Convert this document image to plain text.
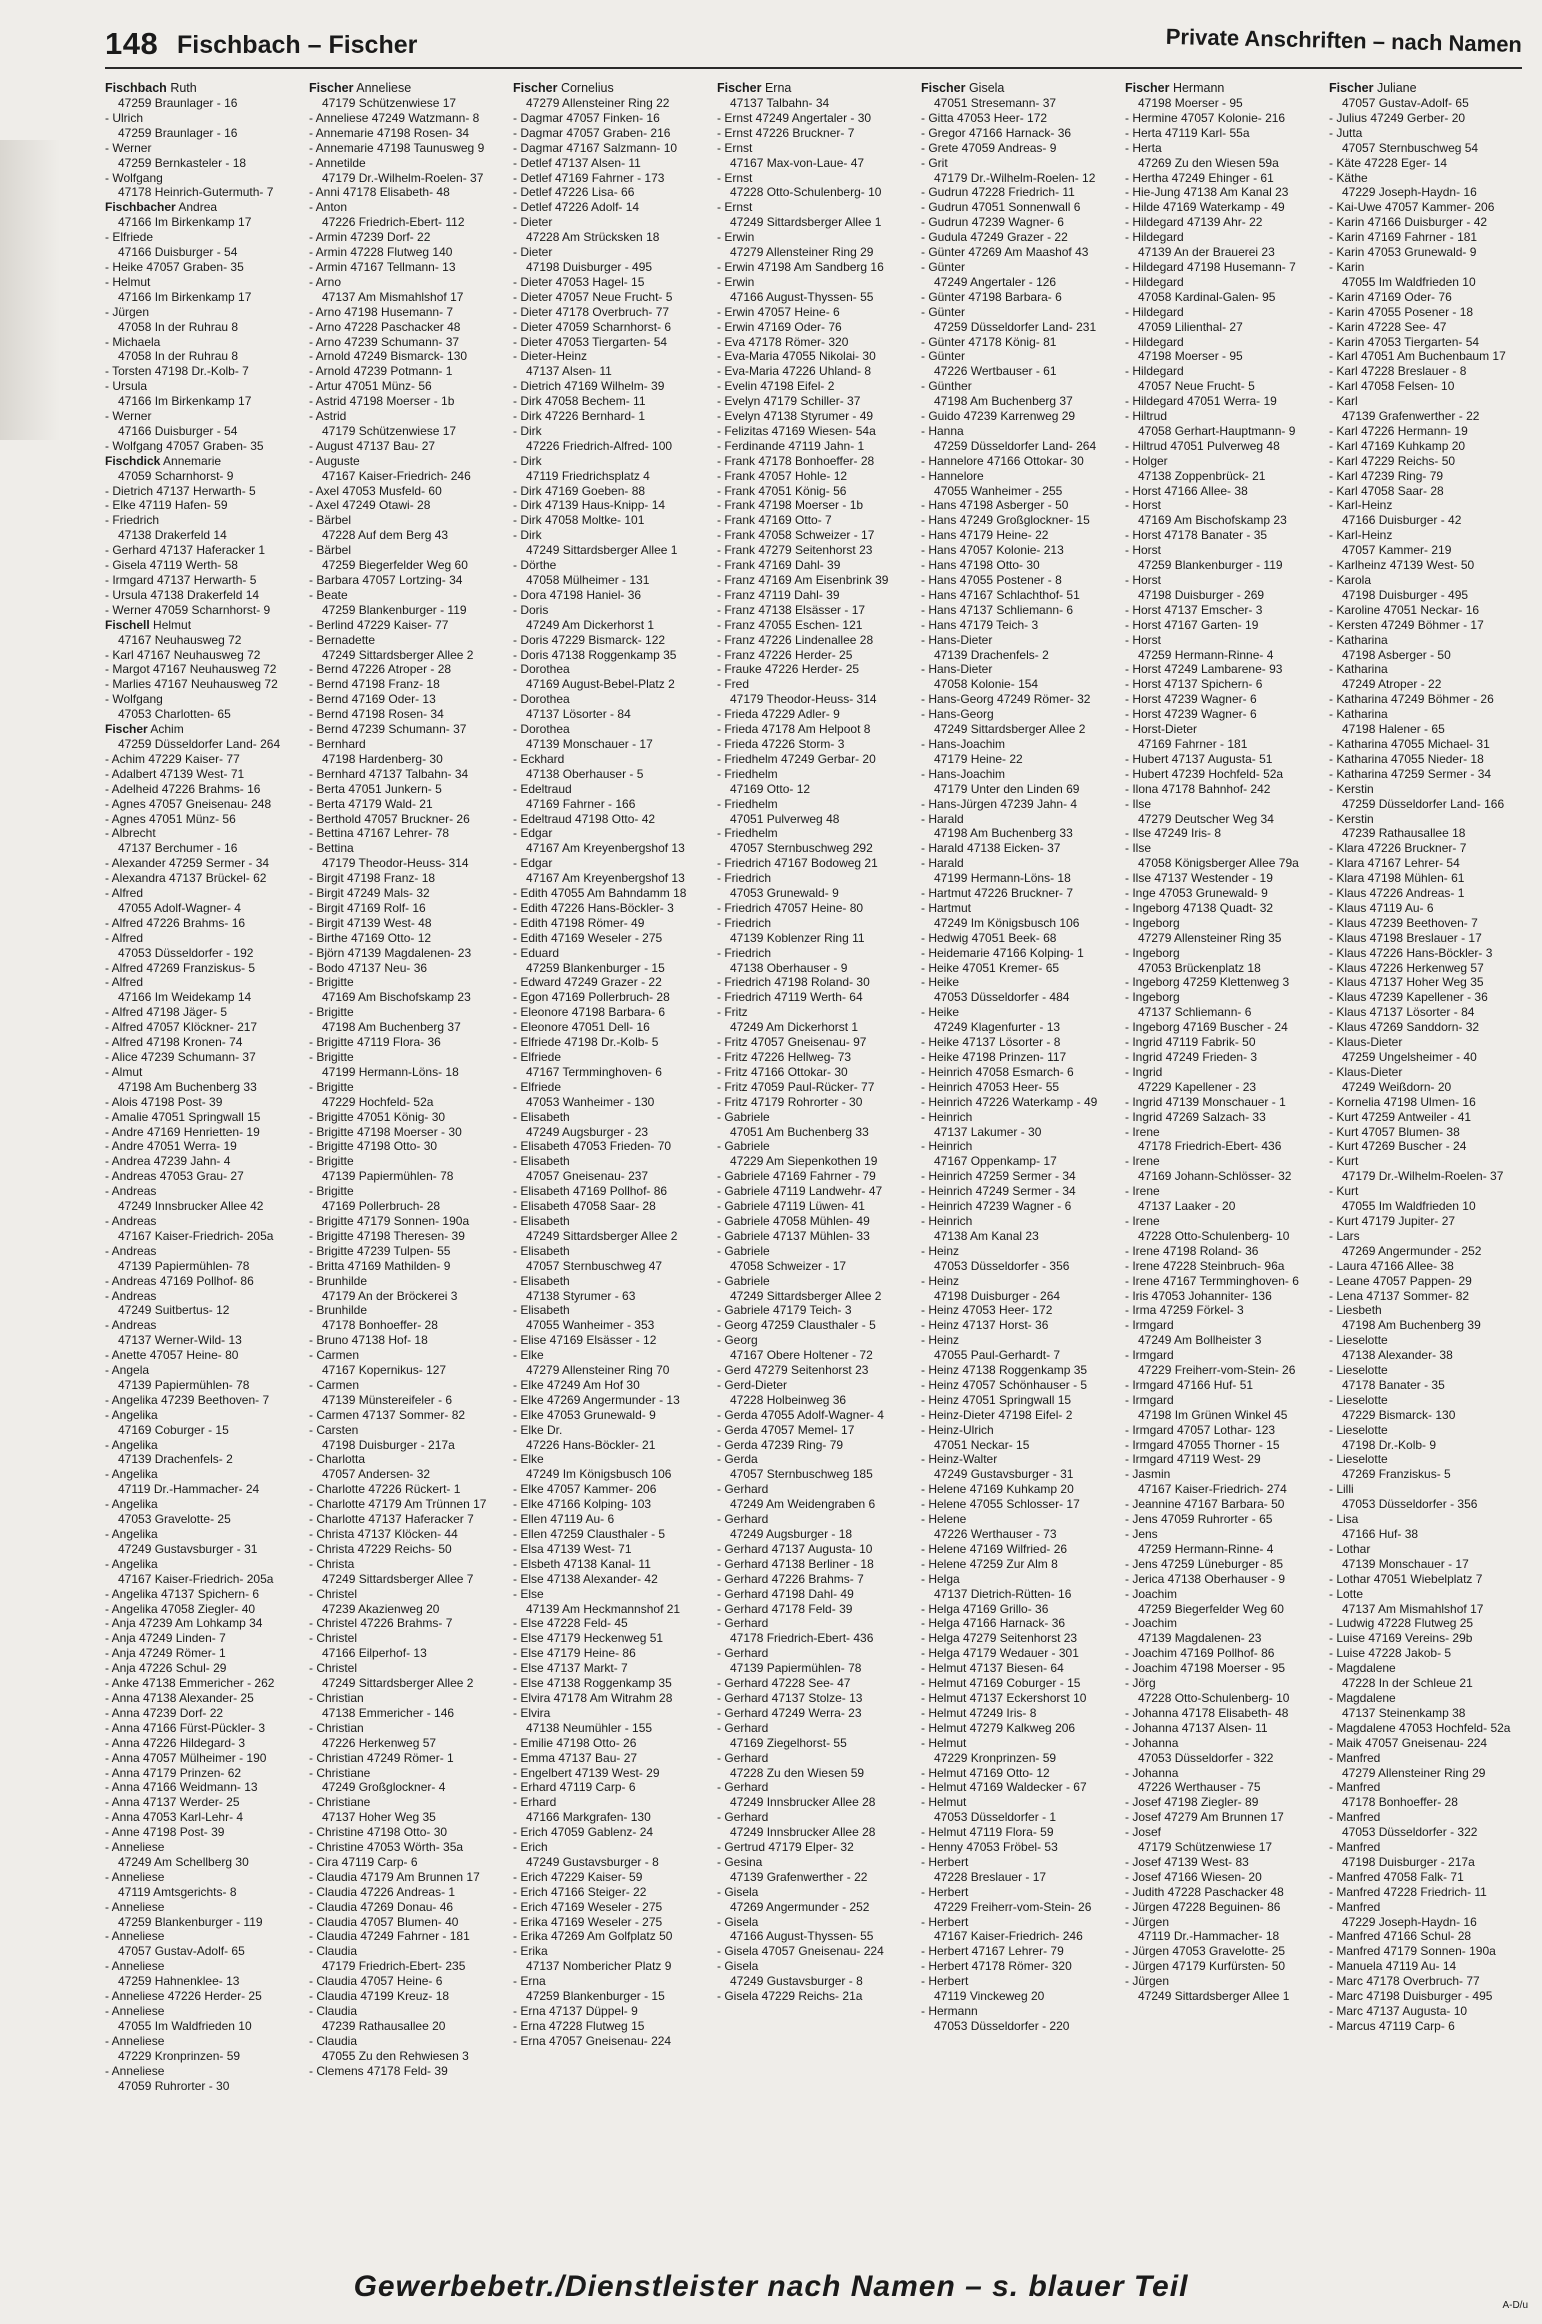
148 Fischbach – Fischer	Private Anschriften – nach Namen
Fischbach Ruth
47259 Braunlager - 16
- Ulrich
47259 Braunlager - 16
- Werner
47259 Bernkasteler - 18
- Wolfgang
47178 Heinrich-Gutermuth- 7
Fischbacher Andrea
47166 Im Birkenkamp 17
- Elfriede
47166 Duisburger - 54
- Heike 47057 Graben- 35
- Helmut
47166 Im Birkenkamp 17
- Jürgen
47058 In der Ruhrau 8
- Michaela
47058 In der Ruhrau 8
- Torsten 47198 Dr.-Kolb- 7
- Ursula
47166 Im Birkenkamp 17
- Werner
47166 Duisburger - 54
- Wolfgang 47057 Graben- 35
Fischdick Annemarie
47059 Scharnhorst- 9
- Dietrich 47137 Herwarth- 5
- Elke 47119 Hafen- 59
- Friedrich
47138 Drakerfeld 14
- Gerhard 47137 Haferacker 1
- Gisela 47119 Werth- 58
- Irmgard 47137 Herwarth- 5
- Ursula 47138 Drakerfeld 14
- Werner 47059 Scharnhorst- 9
Fischell Helmut
47167 Neuhausweg 72
- Karl 47167 Neuhausweg 72
- Margot 47167 Neuhausweg 72
- Marlies 47167 Neuhausweg 72
- Wolfgang
47053 Charlotten- 65
Fischer Achim
47259 Düsseldorfer Land- 264
- Achim 47229 Kaiser- 77
- Adalbert 47139 West- 71
- Adelheid 47226 Brahms- 16
- Agnes 47057 Gneisenau- 248
- Agnes 47051 Münz- 56
- Albrecht
47137 Berchumer - 16
- Alexander 47259 Sermer - 34
- Alexandra 47137 Brückel- 62
- Alfred
47055 Adolf-Wagner- 4
- Alfred 47226 Brahms- 16
- Alfred
47053 Düsseldorfer - 192
- Alfred 47269 Franziskus- 5
- Alfred
47166 Im Weidekamp 14
- Alfred 47198 Jäger- 5
- Alfred 47057 Klöckner- 217
- Alfred 47198 Kronen- 74
- Alice 47239 Schumann- 37
- Almut
47198 Am Buchenberg 33
- Alois 47198 Post- 39
- Amalie 47051 Springwall 15
- Andre 47169 Henrietten- 19
- Andre 47051 Werra- 19
- Andrea 47239 Jahn- 4
- Andreas 47053 Grau- 27
- Andreas
47249 Innsbrucker Allee 42
- Andreas
47167 Kaiser-Friedrich- 205a
- Andreas
47139 Papiermühlen- 78
- Andreas 47169 Pollhof- 86
- Andreas
47249 Suitbertus- 12
- Andreas
47137 Werner-Wild- 13
- Anette 47057 Heine- 80
- Angela
47139 Papiermühlen- 78
- Angelika 47239 Beethoven- 7
- Angelika
47169 Coburger - 15
- Angelika
47139 Drachenfels- 2
- Angelika
47119 Dr.-Hammacher- 24
- Angelika
47053 Gravelotte- 25
- Angelika
47249 Gustavsburger - 31
- Angelika
47167 Kaiser-Friedrich- 205a
- Angelika 47137 Spichern- 6
- Angelika 47058 Ziegler- 40
- Anja 47239 Am Lohkamp 34
- Anja 47249 Linden- 7
- Anja 47249 Römer- 1
- Anja 47226 Schul- 29
- Anke 47138 Emmericher - 262
- Anna 47138 Alexander- 25
- Anna 47239 Dorf- 22
- Anna 47166 Fürst-Pückler- 3
- Anna 47226 Hildegard- 3
- Anna 47057 Mülheimer - 190
- Anna 47179 Prinzen- 62
- Anna 47166 Weidmann- 13
- Anna 47137 Werder- 25
- Anna 47053 Karl-Lehr- 4
- Anne 47198 Post- 39
- Anneliese
47249 Am Schellberg 30
- Anneliese
47119 Amtsgerichts- 8
- Anneliese
47259 Blankenburger - 119
- Anneliese
47057 Gustav-Adolf- 65
- Anneliese
47259 Hahnenklee- 13
- Anneliese 47226 Herder- 25
- Anneliese
47055 Im Waldfrieden 10
- Anneliese
47229 Kronprinzen- 59
- Anneliese
47059 Ruhrorter - 30
Fischer Anneliese
47179 Schützenwiese 17
- Anneliese 47249 Watzmann- 8
- Annemarie 47198 Rosen- 34
- Annemarie 47198 Taunusweg 9
- Annetilde
47179 Dr.-Wilhelm-Roelen- 37
- Anni 47178 Elisabeth- 48
- Anton
47226 Friedrich-Ebert- 112
- Armin 47239 Dorf- 22
- Armin 47228 Flutweg 140
- Armin 47167 Tellmann- 13
- Arno
47137 Am Mismahlshof 17
- Arno 47198 Husemann- 7
- Arno 47228 Paschacker 48
- Arno 47239 Schumann- 37
- Arnold 47249 Bismarck- 130
- Arnold 47239 Potmann- 1
- Artur 47051 Münz- 56
- Astrid 47198 Moerser - 1b
- Astrid
47179 Schützenwiese 17
- August 47137 Bau- 27
- Auguste
47167 Kaiser-Friedrich- 246
- Axel 47053 Musfeld- 60
- Axel 47249 Otawi- 28
- Bärbel
47228 Auf dem Berg 43
- Bärbel
47259 Biegerfelder Weg 60
- Barbara 47057 Lortzing- 34
- Beate
47259 Blankenburger - 119
- Berlind 47229 Kaiser- 77
- Bernadette
47249 Sittardsberger Allee 2
- Bernd 47226 Atroper - 28
- Bernd 47198 Franz- 18
- Bernd 47169 Oder- 13
- Bernd 47198 Rosen- 34
- Bernd 47239 Schumann- 37
- Bernhard
47198 Hardenberg- 30
- Bernhard 47137 Talbahn- 34
- Berta 47051 Junkern- 5
- Berta 47179 Wald- 21
- Berthold 47057 Bruckner- 26
- Bettina 47167 Lehrer- 78
- Bettina
47179 Theodor-Heuss- 314
- Birgit 47198 Franz- 18
- Birgit 47249 Mals- 32
- Birgit 47169 Rolf- 16
- Birgit 47139 West- 48
- Birthe 47169 Otto- 12
- Björn 47139 Magdalenen- 23
- Bodo 47137 Neu- 36
- Brigitte
47169 Am Bischofskamp 23
- Brigitte
47198 Am Buchenberg 37
- Brigitte 47119 Flora- 36
- Brigitte
47199 Hermann-Löns- 18
- Brigitte
47229 Hochfeld- 52a
- Brigitte 47051 König- 30
- Brigitte 47198 Moerser - 30
- Brigitte 47198 Otto- 30
- Brigitte
47139 Papiermühlen- 78
- Brigitte
47169 Pollerbruch- 28
- Brigitte 47179 Sonnen- 190a
- Brigitte 47198 Theresen- 39
- Brigitte 47239 Tulpen- 55
- Britta 47169 Mathilden- 9
- Brunhilde
47179 An der Bröckerei 3
- Brunhilde
47178 Bonhoeffer- 28
- Bruno 47138 Hof- 18
- Carmen
47167 Kopernikus- 127
- Carmen
47139 Münstereifeler - 6
- Carmen 47137 Sommer- 82
- Carsten
47198 Duisburger - 217a
- Charlotta
47057 Andersen- 32
- Charlotte 47226 Rückert- 1
- Charlotte 47179 Am Trünnen 17
- Charlotte 47137 Haferacker 7
- Christa 47137 Klöcken- 44
- Christa 47229 Reichs- 50
- Christa
47249 Sittardsberger Allee 7
- Christel
47239 Akazienweg 20
- Christel 47226 Brahms- 7
- Christel
47166 Eilperhof- 13
- Christel
47249 Sittardsberger Allee 2
- Christian
47138 Emmericher - 146
- Christian
47226 Herkenweg 57
- Christian 47249 Römer- 1
- Christiane
47249 Großglockner- 4
- Christiane
47137 Hoher Weg 35
- Christine 47198 Otto- 30
- Christine 47053 Wörth- 35a
- Cira 47119 Carp- 6
- Claudia 47179 Am Brunnen 17
- Claudia 47226 Andreas- 1
- Claudia 47269 Donau- 46
- Claudia 47057 Blumen- 40
- Claudia 47249 Fahrner - 181
- Claudia
47179 Friedrich-Ebert- 235
- Claudia 47057 Heine- 6
- Claudia 47199 Kreuz- 18
- Claudia
47239 Rathausallee 20
- Claudia
47055 Zu den Rehwiesen 3
- Clemens 47178 Feld- 39
Fischer Cornelius
47279 Allensteiner Ring 22
- Dagmar 47057 Finken- 16
- Dagmar 47057 Graben- 216
- Dagmar 47167 Salzmann- 10
- Detlef 47137 Alsen- 11
- Detlef 47169 Fahrner - 173
- Detlef 47226 Lisa- 66
- Detlef 47226 Adolf- 14
- Dieter
47228 Am Strücksken 18
- Dieter
47198 Duisburger - 495
- Dieter 47053 Hagel- 15
- Dieter 47057 Neue Frucht- 5
- Dieter 47178 Overbruch- 77
- Dieter 47059 Scharnhorst- 6
- Dieter 47053 Tiergarten- 54
- Dieter-Heinz
47137 Alsen- 11
- Dietrich 47169 Wilhelm- 39
- Dirk 47058 Bechem- 11
- Dirk 47226 Bernhard- 1
- Dirk
47226 Friedrich-Alfred- 100
- Dirk
47119 Friedrichsplatz 4
- Dirk 47169 Goeben- 88
- Dirk 47139 Haus-Knipp- 14
- Dirk 47058 Moltke- 101
- Dirk
47249 Sittardsberger Allee 1
- Dörthe
47058 Mülheimer - 131
- Dora 47198 Haniel- 36
- Doris
47249 Am Dickerhorst 1
- Doris 47229 Bismarck- 122
- Doris 47138 Roggenkamp 35
- Dorothea
47169 August-Bebel-Platz 2
- Dorothea
47137 Lösorter - 84
- Dorothea
47139 Monschauer - 17
- Eckhard
47138 Oberhauser - 5
- Edeltraud
47169 Fahrner - 166
- Edeltraud 47198 Otto- 42
- Edgar
47167 Am Kreyenbergshof 13
- Edgar
47167 Am Kreyenbergshof 13
- Edith 47055 Am Bahndamm 18
- Edith 47226 Hans-Böckler- 3
- Edith 47198 Römer- 49
- Edith 47169 Weseler - 275
- Eduard
47259 Blankenburger - 15
- Edward 47249 Grazer - 22
- Egon 47169 Pollerbruch- 28
- Eleonore 47198 Barbara- 6
- Eleonore 47051 Dell- 16
- Elfriede 47198 Dr.-Kolb- 5
- Elfriede
47167 Termminghoven- 6
- Elfriede
47053 Wanheimer - 130
- Elisabeth
47249 Augsburger - 23
- Elisabeth 47053 Frieden- 70
- Elisabeth
47057 Gneisenau- 237
- Elisabeth 47169 Pollhof- 86
- Elisabeth 47058 Saar- 28
- Elisabeth
47249 Sittardsberger Allee 2
- Elisabeth
47057 Sternbuschweg 47
- Elisabeth
47138 Styrumer - 63
- Elisabeth
47055 Wanheimer - 353
- Elise 47169 Elsässer - 12
- Elke
47279 Allensteiner Ring 70
- Elke 47249 Am Hof 30
- Elke 47269 Angermunder - 13
- Elke 47053 Grunewald- 9
- Elke Dr.
47226 Hans-Böckler- 21
- Elke
47249 Im Königsbusch 106
- Elke 47057 Kammer- 206
- Elke 47166 Kolping- 103
- Ellen 47119 Au- 6
- Ellen 47259 Clausthaler - 5
- Elsa 47139 West- 71
- Elsbeth 47138 Kanal- 11
- Else 47138 Alexander- 42
- Else
47139 Am Heckmannshof 21
- Else 47228 Feld- 45
- Else 47179 Heckenweg 51
- Else 47179 Heine- 86
- Else 47137 Markt- 7
- Else 47138 Roggenkamp 35
- Elvira 47178 Am Witrahm 28
- Elvira
47138 Neumühler - 155
- Emilie 47198 Otto- 26
- Emma 47137 Bau- 27
- Engelbert 47139 West- 29
- Erhard 47119 Carp- 6
- Erhard
47166 Markgrafen- 130
- Erich 47059 Gablenz- 24
- Erich
47249 Gustavsburger - 8
- Erich 47229 Kaiser- 59
- Erich 47166 Steiger- 22
- Erich 47169 Weseler - 275
- Erika 47169 Weseler - 275
- Erika 47269 Am Golfplatz 50
- Erika
47137 Nombericher Platz 9
- Erna
47259 Blankenburger - 15
- Erna 47137 Düppel- 9
- Erna 47228 Flutweg 15
- Erna 47057 Gneisenau- 224
Fischer Erna
47137 Talbahn- 34
- Ernst 47249 Angertaler - 30
- Ernst 47226 Bruckner- 7
- Ernst
47167 Max-von-Laue- 47
- Ernst
47228 Otto-Schulenberg- 10
- Ernst
47249 Sittardsberger Allee 1
- Erwin
47279 Allensteiner Ring 29
- Erwin 47198 Am Sandberg 16
- Erwin
47166 August-Thyssen- 55
- Erwin 47057 Heine- 6
- Erwin 47169 Oder- 76
- Eva 47178 Römer- 320
- Eva-Maria 47055 Nikolai- 30
- Eva-Maria 47226 Uhland- 8
- Evelin 47198 Eifel- 2
- Evelyn 47179 Schiller- 37
- Evelyn 47138 Styrumer - 49
- Felizitas 47169 Wiesen- 54a
- Ferdinande 47119 Jahn- 1
- Frank 47178 Bonhoeffer- 28
- Frank 47057 Hohle- 12
- Frank 47051 König- 56
- Frank 47198 Moerser - 1b
- Frank 47169 Otto- 7
- Frank 47058 Schweizer - 17
- Frank 47279 Seitenhorst 23
- Frank 47169 Dahl- 39
- Franz 47169 Am Eisenbrink 39
- Franz 47119 Dahl- 39
- Franz 47138 Elsässer - 17
- Franz 47055 Eschen- 121
- Franz 47226 Lindenallee 28
- Franz 47226 Herder- 25
- Frauke 47226 Herder- 25
- Fred
47179 Theodor-Heuss- 314
- Frieda 47229 Adler- 9
- Frieda 47178 Am Helpoot 8
- Frieda 47226 Storm- 3
- Friedhelm 47249 Gerbar- 20
- Friedhelm
47169 Otto- 12
- Friedhelm
47051 Pulverweg 48
- Friedhelm
47057 Sternbuschweg 292
- Friedrich 47167 Bodoweg 21
- Friedrich
47053 Grunewald- 9
- Friedrich 47057 Heine- 80
- Friedrich
47139 Koblenzer Ring 11
- Friedrich
47138 Oberhauser - 9
- Friedrich 47198 Roland- 30
- Friedrich 47119 Werth- 64
- Fritz
47249 Am Dickerhorst 1
- Fritz 47057 Gneisenau- 97
- Fritz 47226 Hellweg- 73
- Fritz 47166 Ottokar- 30
- Fritz 47059 Paul-Rücker- 77
- Fritz 47179 Rohrorter - 30
- Gabriele
47051 Am Buchenberg 33
- Gabriele
47229 Am Siepenkothen 19
- Gabriele 47169 Fahrner - 79
- Gabriele 47119 Landwehr- 47
- Gabriele 47119 Lüwen- 41
- Gabriele 47058 Mühlen- 49
- Gabriele 47137 Mühlen- 33
- Gabriele
47058 Schweizer - 17
- Gabriele
47249 Sittardsberger Allee 2
- Gabriele 47179 Teich- 3
- Georg 47259 Clausthaler - 5
- Georg
47167 Obere Holtener - 72
- Gerd 47279 Seitenhorst 23
- Gerd-Dieter
47228 Holbeinweg 36
- Gerda 47055 Adolf-Wagner- 4
- Gerda 47057 Memel- 17
- Gerda 47239 Ring- 79
- Gerda
47057 Sternbuschweg 185
- Gerhard
47249 Am Weidengraben 6
- Gerhard
47249 Augsburger - 18
- Gerhard 47137 Augusta- 10
- Gerhard 47138 Berliner - 18
- Gerhard 47226 Brahms- 7
- Gerhard 47198 Dahl- 49
- Gerhard 47178 Feld- 39
- Gerhard
47178 Friedrich-Ebert- 436
- Gerhard
47139 Papiermühlen- 78
- Gerhard 47228 See- 47
- Gerhard 47137 Stolze- 13
- Gerhard 47249 Werra- 23
- Gerhard
47169 Ziegelhorst- 55
- Gerhard
47228 Zu den Wiesen 59
- Gerhard
47249 Innsbrucker Allee 28
- Gerhard
47249 Innsbrucker Allee 28
- Gertrud 47179 Elper- 32
- Gesina
47139 Grafenwerther - 22
- Gisela
47269 Angermunder - 252
- Gisela
47166 August-Thyssen- 55
- Gisela 47057 Gneisenau- 224
- Gisela
47249 Gustavsburger - 8
- Gisela 47229 Reichs- 21a
Fischer Gisela
47051 Stresemann- 37
- Gitta 47053 Heer- 172
- Gregor 47166 Harnack- 36
- Grete 47059 Andreas- 9
- Grit
47179 Dr.-Wilhelm-Roelen- 12
- Gudrun 47228 Friedrich- 11
- Gudrun 47051 Sonnenwall 6
- Gudrun 47239 Wagner- 6
- Gudula 47249 Grazer - 22
- Günter 47269 Am Maashof 43
- Günter
47249 Angertaler - 126
- Günter 47198 Barbara- 6
- Günter
47259 Düsseldorfer Land- 231
- Günter 47178 König- 81
- Günter
47226 Wertbauser - 61
- Günther
47198 Am Buchenberg 37
- Guido 47239 Karrenweg 29
- Hanna
47259 Düsseldorfer Land- 264
- Hannelore 47166 Ottokar- 30
- Hannelore
47055 Wanheimer - 255
- Hans 47198 Asberger - 50
- Hans 47249 Großglockner- 15
- Hans 47179 Heine- 22
- Hans 47057 Kolonie- 213
- Hans 47198 Otto- 30
- Hans 47055 Postener - 8
- Hans 47167 Schlachthof- 51
- Hans 47137 Schliemann- 6
- Hans 47179 Teich- 3
- Hans-Dieter
47139 Drachenfels- 2
- Hans-Dieter
47058 Kolonie- 154
- Hans-Georg 47249 Römer- 32
- Hans-Georg
47249 Sittardsberger Allee 2
- Hans-Joachim
47179 Heine- 22
- Hans-Joachim
47179 Unter den Linden 69
- Hans-Jürgen 47239 Jahn- 4
- Harald
47198 Am Buchenberg 33
- Harald 47138 Eicken- 37
- Harald
47199 Hermann-Löns- 18
- Hartmut 47226 Bruckner- 7
- Hartmut
47249 Im Königsbusch 106
- Hedwig 47051 Beek- 68
- Heidemarie 47166 Kolping- 1
- Heike 47051 Kremer- 65
- Heike
47053 Düsseldorfer - 484
- Heike
47249 Klagenfurter - 13
- Heike 47137 Lösorter - 8
- Heike 47198 Prinzen- 117
- Heinrich 47058 Esmarch- 6
- Heinrich 47053 Heer- 55
- Heinrich 47226 Waterkamp - 49
- Heinrich
47137 Lakumer - 30
- Heinrich
47167 Oppenkamp- 17
- Heinrich 47259 Sermer - 34
- Heinrich 47249 Sermer - 34
- Heinrich 47239 Wagner - 6
- Heinrich
47138 Am Kanal 23
- Heinz
47053 Düsseldorfer - 356
- Heinz
47198 Duisburger - 264
- Heinz 47053 Heer- 172
- Heinz 47137 Horst- 36
- Heinz
47055 Paul-Gerhardt- 7
- Heinz 47138 Roggenkamp 35
- Heinz 47057 Schönhauser - 5
- Heinz 47051 Springwall 15
- Heinz-Dieter 47198 Eifel- 2
- Heinz-Ulrich
47051 Neckar- 15
- Heinz-Walter
47249 Gustavsburger - 31
- Helene 47169 Kuhkamp 20
- Helene 47055 Schlosser- 17
- Helene
47226 Werthauser - 73
- Helene 47169 Wilfried- 26
- Helene 47259 Zur Alm 8
- Helga
47137 Dietrich-Rütten- 16
- Helga 47169 Grillo- 36
- Helga 47166 Harnack- 36
- Helga 47279 Seitenhorst 23
- Helga 47179 Wedauer - 301
- Helmut 47137 Biesen- 64
- Helmut 47169 Coburger - 15
- Helmut 47137 Eckershorst 10
- Helmut 47249 Iris- 8
- Helmut 47279 Kalkweg 206
- Helmut
47229 Kronprinzen- 59
- Helmut 47169 Otto- 12
- Helmut 47169 Waldecker - 67
- Helmut
47053 Düsseldorfer - 1
- Helmut 47119 Flora- 59
- Henny 47053 Fröbel- 53
- Herbert
47228 Breslauer - 17
- Herbert
47229 Freiherr-vom-Stein- 26
- Herbert
47167 Kaiser-Friedrich- 246
- Herbert 47167 Lehrer- 79
- Herbert 47178 Römer- 320
- Herbert
47119 Vinckeweg 20
- Hermann
47053 Düsseldorfer - 220
Fischer Hermann
47198 Moerser - 95
- Hermine 47057 Kolonie- 216
- Herta 47119 Karl- 55a
- Herta
47269 Zu den Wiesen 59a
- Hertha 47249 Ehinger - 61
- Hie-Jung 47138 Am Kanal 23
- Hilde 47169 Waterkamp - 49
- Hildegard 47139 Ahr- 22
- Hildegard
47139 An der Brauerei 23
- Hildegard 47198 Husemann- 7
- Hildegard
47058 Kardinal-Galen- 95
- Hildegard
47059 Lilienthal- 27
- Hildegard
47198 Moerser - 95
- Hildegard
47057 Neue Frucht- 5
- Hildegard 47051 Werra- 19
- Hiltrud
47058 Gerhart-Hauptmann- 9
- Hiltrud 47051 Pulverweg 48
- Holger
47138 Zoppenbrück- 21
- Horst 47166 Allee- 38
- Horst
47169 Am Bischofskamp 23
- Horst 47178 Banater - 35
- Horst
47259 Blankenburger - 119
- Horst
47198 Duisburger - 269
- Horst 47137 Emscher- 3
- Horst 47167 Garten- 19
- Horst
47259 Hermann-Rinne- 4
- Horst 47249 Lambarene- 93
- Horst 47137 Spichern- 6
- Horst 47239 Wagner- 6
- Horst 47239 Wagner- 6
- Horst-Dieter
47169 Fahrner - 181
- Hubert 47137 Augusta- 51
- Hubert 47239 Hochfeld- 52a
- Ilona 47178 Bahnhof- 242
- Ilse
47279 Deutscher Weg 34
- Ilse 47249 Iris- 8
- Ilse
47058 Königsberger Allee 79a
- Ilse 47137 Westender - 19
- Inge 47053 Grunewald- 9
- Ingeborg 47138 Quadt- 32
- Ingeborg
47279 Allensteiner Ring 35
- Ingeborg
47053 Brückenplatz 18
- Ingeborg 47259 Klettenweg 3
- Ingeborg
47137 Schliemann- 6
- Ingeborg 47169 Buscher - 24
- Ingrid 47119 Fabrik- 50
- Ingrid 47249 Frieden- 3
- Ingrid
47229 Kapellener - 23
- Ingrid 47139 Monschauer - 1
- Ingrid 47269 Salzach- 33
- Irene
47178 Friedrich-Ebert- 436
- Irene
47169 Johann-Schlösser- 32
- Irene
47137 Laaker - 20
- Irene
47228 Otto-Schulenberg- 10
- Irene 47198 Roland- 36
- Irene 47228 Steinbruch- 96a
- Irene 47167 Termminghoven- 6
- Iris 47053 Johanniter- 136
- Irma 47259 Förkel- 3
- Irmgard
47249 Am Bollheister 3
- Irmgard
47229 Freiherr-vom-Stein- 26
- Irmgard 47166 Huf- 51
- Irmgard
47198 Im Grünen Winkel 45
- Irmgard 47057 Lothar- 123
- Irmgard 47055 Thorner - 15
- Irmgard 47119 West- 29
- Jasmin
47167 Kaiser-Friedrich- 274
- Jeannine 47167 Barbara- 50
- Jens 47059 Ruhrorter - 65
- Jens
47259 Hermann-Rinne- 4
- Jens 47259 Lüneburger - 85
- Jerica 47138 Oberhauser - 9
- Joachim
47259 Biegerfelder Weg 60
- Joachim
47139 Magdalenen- 23
- Joachim 47169 Pollhof- 86
- Joachim 47198 Moerser - 95
- Jörg
47228 Otto-Schulenberg- 10
- Johanna 47178 Elisabeth- 48
- Johanna 47137 Alsen- 11
- Johanna
47053 Düsseldorfer - 322
- Johanna
47226 Werthauser - 75
- Josef 47198 Ziegler- 89
- Josef 47279 Am Brunnen 17
- Josef
47179 Schützenwiese 17
- Josef 47139 West- 83
- Josef 47166 Wiesen- 20
- Judith 47228 Paschacker 48
- Jürgen 47228 Beguinen- 86
- Jürgen
47119 Dr.-Hammacher- 18
- Jürgen 47053 Gravelotte- 25
- Jürgen 47179 Kurfürsten- 50
- Jürgen
47249 Sittardsberger Allee 1
Fischer Juliane
47057 Gustav-Adolf- 65
- Julius 47249 Gerber- 20
- Jutta
47057 Sternbuschweg 54
- Käte 47228 Eger- 14
- Käthe
47229 Joseph-Haydn- 16
- Kai-Uwe 47057 Kammer- 206
- Karin 47166 Duisburger - 42
- Karin 47169 Fahrner - 181
- Karin 47053 Grunewald- 9
- Karin
47055 Im Waldfrieden 10
- Karin 47169 Oder- 76
- Karin 47055 Posener - 18
- Karin 47228 See- 47
- Karin 47053 Tiergarten- 54
- Karl 47051 Am Buchenbaum 17
- Karl 47228 Breslauer - 8
- Karl 47058 Felsen- 10
- Karl
47139 Grafenwerther - 22
- Karl 47226 Hermann- 19
- Karl 47169 Kuhkamp 20
- Karl 47229 Reichs- 50
- Karl 47239 Ring- 79
- Karl 47058 Saar- 28
- Karl-Heinz
47166 Duisburger - 42
- Karl-Heinz
47057 Kammer- 219
- Karlheinz 47139 West- 50
- Karola
47198 Duisburger - 495
- Karoline 47051 Neckar- 16
- Kersten 47249 Böhmer - 17
- Katharina
47198 Asberger - 50
- Katharina
47249 Atroper - 22
- Katharina 47249 Böhmer - 26
- Katharina
47198 Halener - 65
- Katharina 47055 Michael- 31
- Katharina 47055 Nieder- 18
- Katharina 47259 Sermer - 34
- Kerstin
47259 Düsseldorfer Land- 166
- Kerstin
47239 Rathausallee 18
- Klara 47226 Bruckner- 7
- Klara 47167 Lehrer- 54
- Klara 47198 Mühlen- 61
- Klaus 47226 Andreas- 1
- Klaus 47119 Au- 6
- Klaus 47239 Beethoven- 7
- Klaus 47198 Breslauer - 17
- Klaus 47226 Hans-Böckler- 3
- Klaus 47226 Herkenweg 57
- Klaus 47137 Hoher Weg 35
- Klaus 47239 Kapellener - 36
- Klaus 47137 Lösorter - 84
- Klaus 47269 Sanddorn- 32
- Klaus-Dieter
47259 Ungelsheimer - 40
- Klaus-Dieter
47249 Weißdorn- 20
- Kornelia 47198 Ulmen- 16
- Kurt 47259 Antweiler - 41
- Kurt 47057 Blumen- 38
- Kurt 47269 Buscher - 24
- Kurt
47179 Dr.-Wilhelm-Roelen- 37
- Kurt
47055 Im Waldfrieden 10
- Kurt 47179 Jupiter- 27
- Lars
47269 Angermunder - 252
- Laura 47166 Allee- 38
- Leane 47057 Pappen- 29
- Lena 47137 Sommer- 82
- Liesbeth
47198 Am Buchenberg 39
- Lieselotte
47138 Alexander- 38
- Lieselotte
47178 Banater - 35
- Lieselotte
47229 Bismarck- 130
- Lieselotte
47198 Dr.-Kolb- 9
- Lieselotte
47269 Franziskus- 5
- Lilli
47053 Düsseldorfer - 356
- Lisa
47166 Huf- 38
- Lothar
47139 Monschauer - 17
- Lothar 47051 Wiebelplatz 7
- Lotte
47137 Am Mismahlshof 17
- Ludwig 47228 Flutweg 25
- Luise 47169 Vereins- 29b
- Luise 47228 Jakob- 5
- Magdalene
47228 In der Schleue 21
- Magdalene
47137 Steinenkamp 38
- Magdalene 47053 Hochfeld- 52a
- Maik 47057 Gneisenau- 224
- Manfred
47279 Allensteiner Ring 29
- Manfred
47178 Bonhoeffer- 28
- Manfred
47053 Düsseldorfer - 322
- Manfred
47198 Duisburger - 217a
- Manfred 47058 Falk- 71
- Manfred 47228 Friedrich- 11
- Manfred
47229 Joseph-Haydn- 16
- Manfred 47166 Schul- 28
- Manfred 47179 Sonnen- 190a
- Manuela 47119 Au- 14
- Marc 47178 Overbruch- 77
- Marc 47198 Duisburger - 495
- Marc 47137 Augusta- 10
- Marcus 47119 Carp- 6
Gewerbebetr./Dienstleister nach Namen – s. blauer Teil
A-D/u
